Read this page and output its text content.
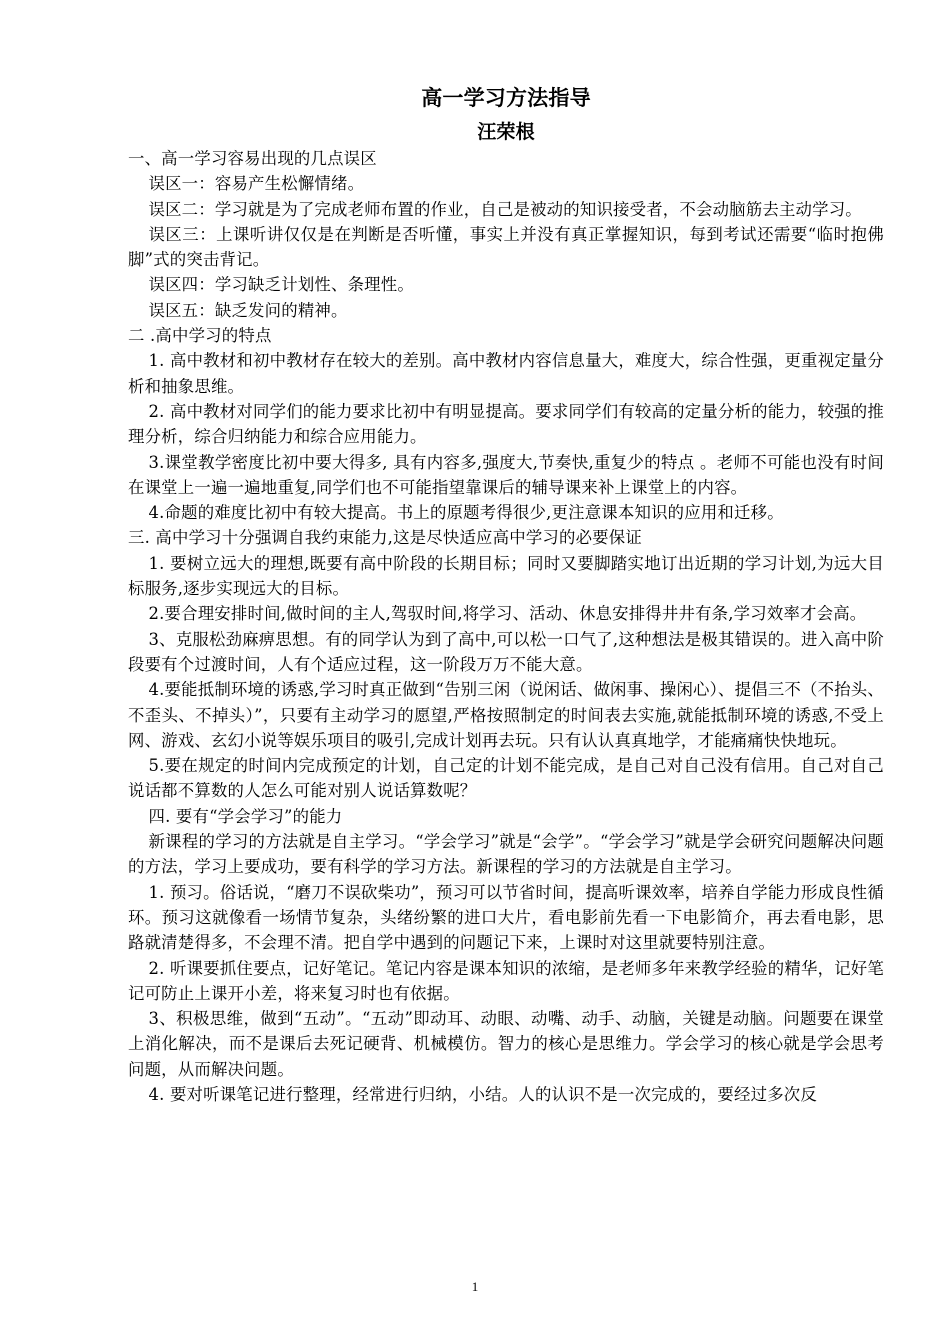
高一学习方法指导

汪荣根

一、高一学习容易出现的几点误区

误区一：容易产生松懈情绪。

误区二：学习就是为了完成老师布置的作业，自己是被动的知识接受者，不会动脑筋去主动学习。

误区三：上课听讲仅仅是在判断是否听懂，事实上并没有真正掌握知识，每到考试还需要“临时抱佛脚”式的突击背记。

误区四：学习缺乏计划性、条理性。

误区五：缺乏发问的精神。

二 .高中学习的特点

1. 高中教材和初中教材存在较大的差别。高中教材内容信息量大，难度大，综合性强，更重视定量分析和抽象思维。

2. 高中教材对同学们的能力要求比初中有明显提高。要求同学们有较高的定量分析的能力，较强的推理分析，综合归纳能力和综合应用能力。

3.课堂教学密度比初中要大得多, 具有内容多,强度大,节奏快,重复少的特点 。老师不可能也没有时间在课堂上一遍一遍地重复,同学们也不可能指望靠课后的辅导课来补上课堂上的内容。

4.命题的难度比初中有较大提高。书上的原题考得很少,更注意课本知识的应用和迁移。

三. 高中学习十分强调自我约束能力,这是尽快适应高中学习的必要保证

1. 要树立远大的理想,既要有高中阶段的长期目标；同时又要脚踏实地订出近期的学习计划,为远大目标服务,逐步实现远大的目标。

2.要合理安排时间,做时间的主人,驾驭时间,将学习、活动、休息安排得井井有条,学习效率才会高。

3、克服松劲麻痹思想。有的同学认为到了高中,可以松一口气了,这种想法是极其错误的。进入高中阶段要有个过渡时间，人有个适应过程，这一阶段万万不能大意。

4.要能抵制环境的诱惑,学习时真正做到“告别三闲（说闲话、做闲事、操闲心）、提倡三不（不抬头、不歪头、不掉头）”，只要有主动学习的愿望,严格按照制定的时间表去实施,就能抵制环境的诱惑,不受上网、游戏、玄幻小说等娱乐项目的吸引,完成计划再去玩。只有认认真真地学，才能痛痛快快地玩。

5.要在规定的时间内完成预定的计划，自己定的计划不能完成，是自己对自己没有信用。自己对自己说话都不算数的人怎么可能对别人说话算数呢？

四. 要有“学会学习”的能力

新课程的学习的方法就是自主学习。“学会学习”就是“会学”。“学会学习”就是学会研究问题解决问题的方法，学习上要成功，要有科学的学习方法。新课程的学习的方法就是自主学习。

1. 预习。俗话说，“磨刀不误砍柴功”，预习可以节省时间，提高听课效率，培养自学能力形成良性循环。预习这就像看一场情节复杂，头绪纷繁的进口大片，看电影前先看一下电影简介，再去看电影，思路就清楚得多，不会理不清。把自学中遇到的问题记下来，上课时对这里就要特别注意。

2. 听课要抓住要点，记好笔记。笔记内容是课本知识的浓缩，是老师多年来教学经验的精华，记好笔记可防止上课开小差，将来复习时也有依据。

3、积极思维，做到“五动”。“五动”即动耳、动眼、动嘴、动手、动脑，关键是动脑。问题要在课堂上消化解决，而不是课后去死记硬背、机械模仿。智力的核心是思维力。学会学习的核心就是学会思考问题，从而解决问题。

4. 要对听课笔记进行整理，经常进行归纳，小结。人的认识不是一次完成的，要经过多次反

1
